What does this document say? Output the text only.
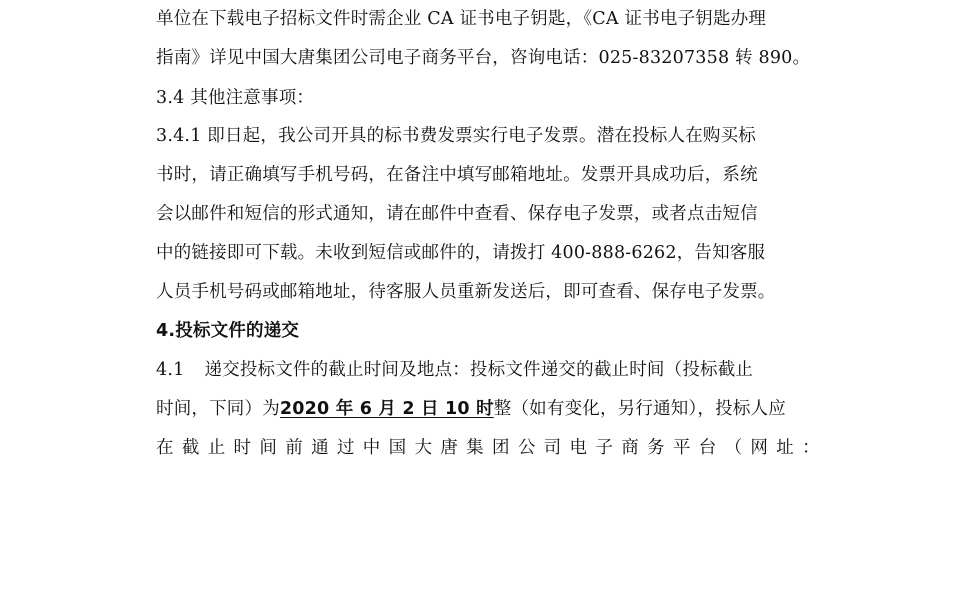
单位在下载电子招标文件时需企业 CA 证书电子钥匙，《CA 证书电子钥匙办理
指南》详见中国大唐集团公司电子商务平台，咨询电话：025-83207358 转 890。
3.4 其他注意事项：
3.4.1 即日起，我公司开具的标书费发票实行电子发票。潜在投标人在购买标
书时，请正确填写手机号码，在备注中填写邮箱地址。发票开具成功后，系统
会以邮件和短信的形式通知，请在邮件中查看、保存电子发票，或者点击短信
中的链接即可下载。未收到短信或邮件的，请拨打 400-888-6262，告知客服
人员手机号码或邮箱地址，待客服人员重新发送后，即可查看、保存电子发票。
4.投标文件的递交
4.1 递交投标文件的截止时间及地点：投标文件递交的截止时间（投标截止
时间，下同）为2020 年 6 月 2 日 10 时整（如有变化，另行通知），投标人应
在 截 止 时 间 前 通 过 中 国 大 唐 集 团 公 司 电 子 商 务 平 台 （ 网 址 ：
